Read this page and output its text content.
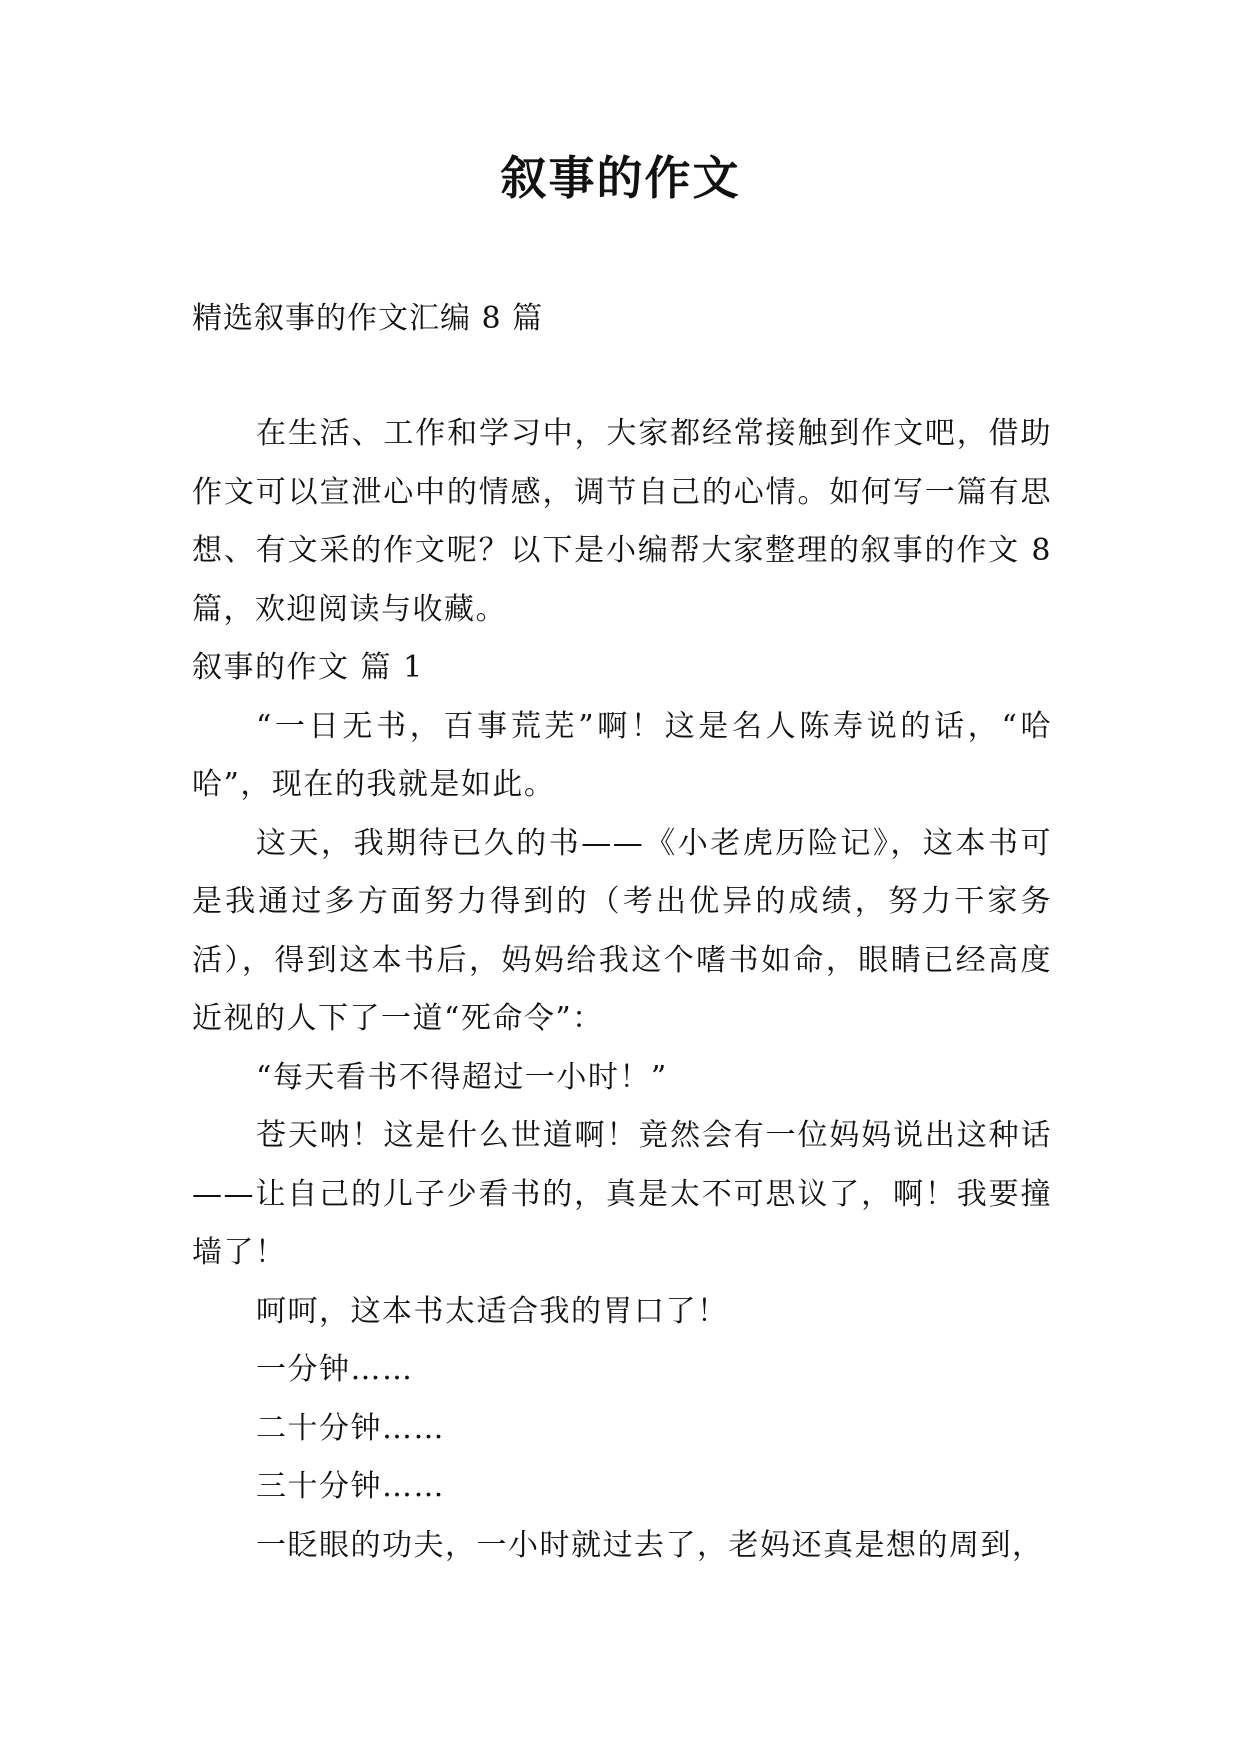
叙事的作文
精选叙事的作文汇编 8 篇

在生活、工作和学习中，大家都经常接触到作文吧，借助作文可以宣泄心中的情感，调节自己的心情。如何写一篇有思想、有文采的作文呢？以下是小编帮大家整理的叙事的作文 8 篇，欢迎阅读与收藏。

叙事的作文 篇 1

“一日无书，百事荒芜”啊！这是名人陈寿说的话，“哈哈”，现在的我就是如此。

这天，我期待已久的书——《小老虎历险记》，这本书可是我通过多方面努力得到的（考出优异的成绩，努力干家务活），得到这本书后，妈妈给我这个嗜书如命，眼睛已经高度近视的人下了一道“死命令”：

“每天看书不得超过一小时！”

苍天呐！这是什么世道啊！竟然会有一位妈妈说出这种话——让自己的儿子少看书的，真是太不可思议了，啊！我要撞墙了！

呵呵，这本书太适合我的胃口了！

一分钟……

二十分钟……

三十分钟……

一眨眼的功夫，一小时就过去了，老妈还真是想的周到，
